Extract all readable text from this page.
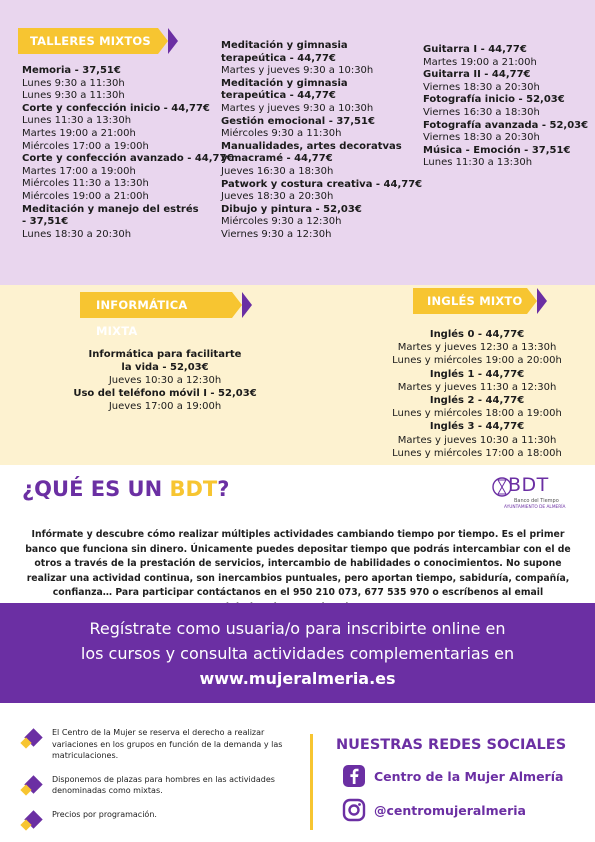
TALLERES MIXTOS
Memoria - 37,51€
Lunes 9:30 a 11:30h
Lunes 9:30 a 11:30h
Corte y confección inicio - 44,77€
Lunes 11:30 a 13:30h
Martes 19:00 a 21:00h
Miércoles 17:00 a 19:00h
Corte y confección avanzado - 44,77€
Martes 17:00 a 19:00h
Miércoles 11:30 a 13:30h
Miércoles 19:00 a 21:00h
Meditación y manejo del estrés
- 37,51€
Lunes 18:30 a 20:30h
Meditación y gimnasia
terapeútica - 44,77€
Martes y jueves 9:30 a 10:30h
Meditación y gimnasia
terapeútica - 44,77€
Martes y jueves 9:30 a 10:30h
Gestión emocional - 37,51€
Miércoles 9:30 a 11:30h
Manualidades, artes decoratvas
y macramé - 44,77€
Jueves 16:30 a 18:30h
Patwork y costura creativa - 44,77€
Jueves 18:30 a 20:30h
Dibujo y pintura - 52,03€
Miércoles 9:30 a 12:30h
Viernes 9:30 a 12:30h
Guitarra I - 44,77€
Martes 19:00 a 21:00h
Guitarra II - 44,77€
Viernes 18:30 a 20:30h
Fotografía inicio - 52,03€
Viernes 16:30 a 18:30h
Fotografía avanzada - 52,03€
Viernes 18:30 a 20:30h
Música - Emoción - 37,51€
Lunes 11:30 a 13:30h
INFORMÁTICA MIXTA
Informática para facilitarte
la vida - 52,03€
Jueves 10:30 a 12:30h
Uso del teléfono móvil I - 52,03€
Jueves 17:00 a 19:00h
INGLÉS MIXTO
Inglés 0 - 44,77€
Martes y jueves 12:30 a 13:30h
Lunes y miércoles 19:00 a 20:00h
Inglés 1 - 44,77€
Martes y jueves 11:30 a 12:30h
Inglés 2 - 44,77€
Lunes y miércoles 18:00 a 19:00h
Inglés 3 - 44,77€
Martes y jueves 10:30 a 11:30h
Lunes y miércoles 17:00 a 18:00h
¿QUÉ ES UN BDT?	BDT
Banco del Tiempo
AYUNTAMIENTO DE ALMERÍA
Infórmate y descubre cómo realizar múltiples actividades cambiando tiempo por tiempo. Es el primer banco que funciona sin dinero. Únicamente puedes depositar tiempo que podrás intercambiar con el de otros a través de la prestación de servicios, intercambio de habilidades o conocimientos. No supone realizar una actividad continua, son inercambios puntuales, pero aportan tiempo, sabiduría, compañía, confianza… Para participar contáctanos en el 950 210 073, 677 535 970 o escríbenos al email
Regístrate como usuaria/o para inscribirte online en
los cursos y consulta actividades complementarias en
www.mujeralmeria.es
El Centro de la Mujer se reserva el derecho a realizar variaciones en los grupos en función de la demanda y las matriculaciones.
Disponemos de plazas para hombres en las actividades denominadas como mixtas.
Precios por programación.
NUESTRAS REDES SOCIALES
Centro de la Mujer Almería
@centromujeralmeria
